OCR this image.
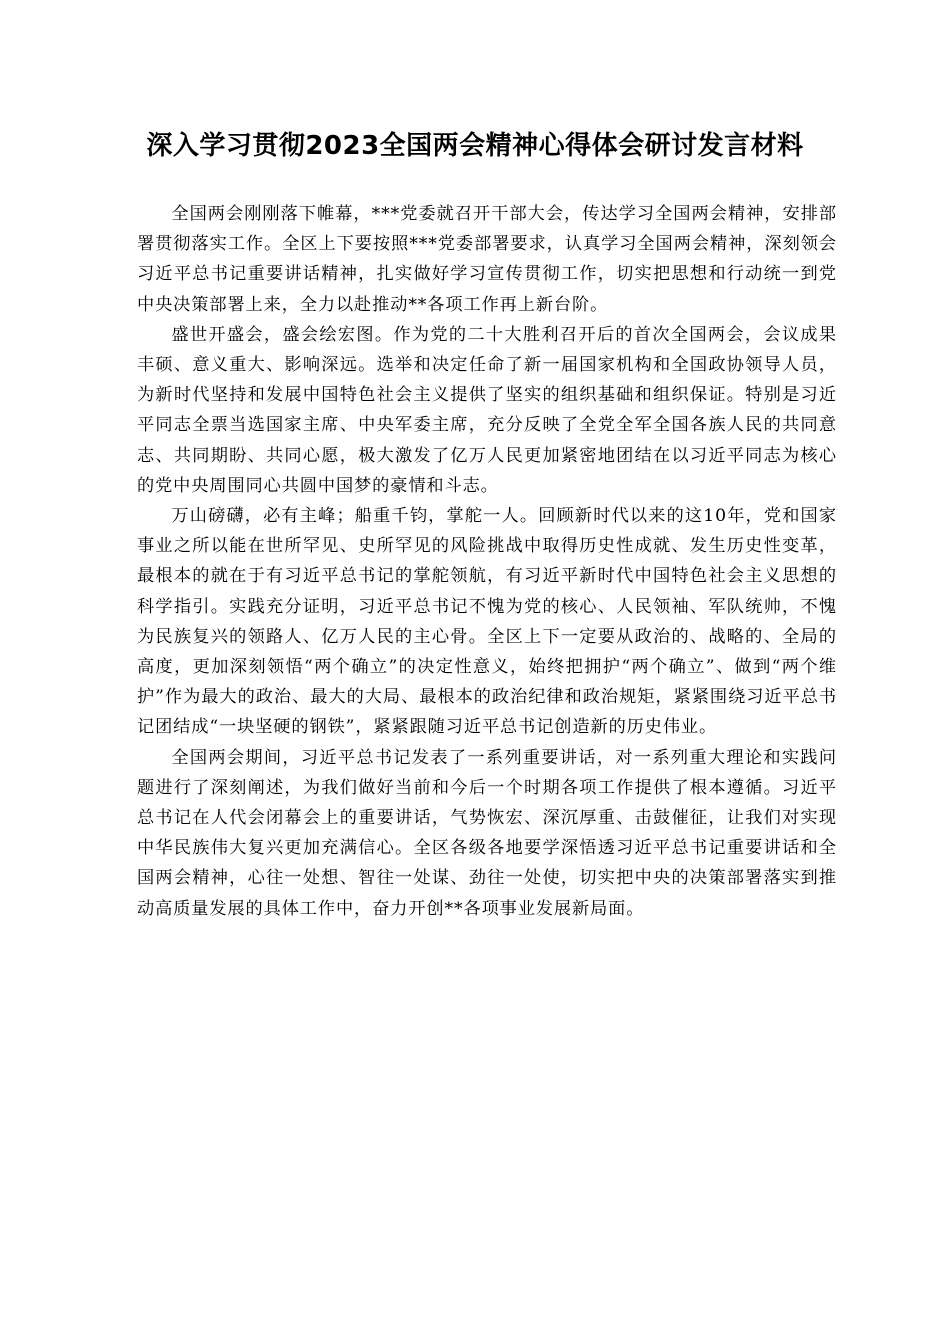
深入学习贯彻2023全国两会精神心得体会研讨发言材料

全国两会刚刚落下帷幕，***党委就召开干部大会，传达学习全国两会精神，安排部署贯彻落实工作。全区上下要按照***党委部署要求，认真学习全国两会精神，深刻领会习近平总书记重要讲话精神，扎实做好学习宣传贯彻工作，切实把思想和行动统一到党中央决策部署上来，全力以赴推动**各项工作再上新台阶。

盛世开盛会，盛会绘宏图。作为党的二十大胜利召开后的首次全国两会，会议成果丰硕、意义重大、影响深远。选举和决定任命了新一届国家机构和全国政协领导人员，为新时代坚持和发展中国特色社会主义提供了坚实的组织基础和组织保证。特别是习近平同志全票当选国家主席、中央军委主席，充分反映了全党全军全国各族人民的共同意志、共同期盼、共同心愿，极大激发了亿万人民更加紧密地团结在以习近平同志为核心的党中央周围同心共圆中国梦的豪情和斗志。

万山磅礴，必有主峰；船重千钧，掌舵一人。回顾新时代以来的这10年，党和国家事业之所以能在世所罕见、史所罕见的风险挑战中取得历史性成就、发生历史性变革，最根本的就在于有习近平总书记的掌舵领航，有习近平新时代中国特色社会主义思想的科学指引。实践充分证明，习近平总书记不愧为党的核心、人民领袖、军队统帅，不愧为民族复兴的领路人、亿万人民的主心骨。全区上下一定要从政治的、战略的、全局的高度，更加深刻领悟“两个确立”的决定性意义，始终把拥护“两个确立”、做到“两个维护”作为最大的政治、最大的大局、最根本的政治纪律和政治规矩，紧紧围绕习近平总书记团结成“一块坚硬的钢铁”，紧紧跟随习近平总书记创造新的历史伟业。

全国两会期间，习近平总书记发表了一系列重要讲话，对一系列重大理论和实践问题进行了深刻阐述，为我们做好当前和今后一个时期各项工作提供了根本遵循。习近平总书记在人代会闭幕会上的重要讲话，气势恢宏、深沉厚重、击鼓催征，让我们对实现中华民族伟大复兴更加充满信心。全区各级各地要学深悟透习近平总书记重要讲话和全国两会精神，心往一处想、智往一处谋、劲往一处使，切实把中央的决策部署落实到推动高质量发展的具体工作中，奋力开创**各项事业发展新局面。
